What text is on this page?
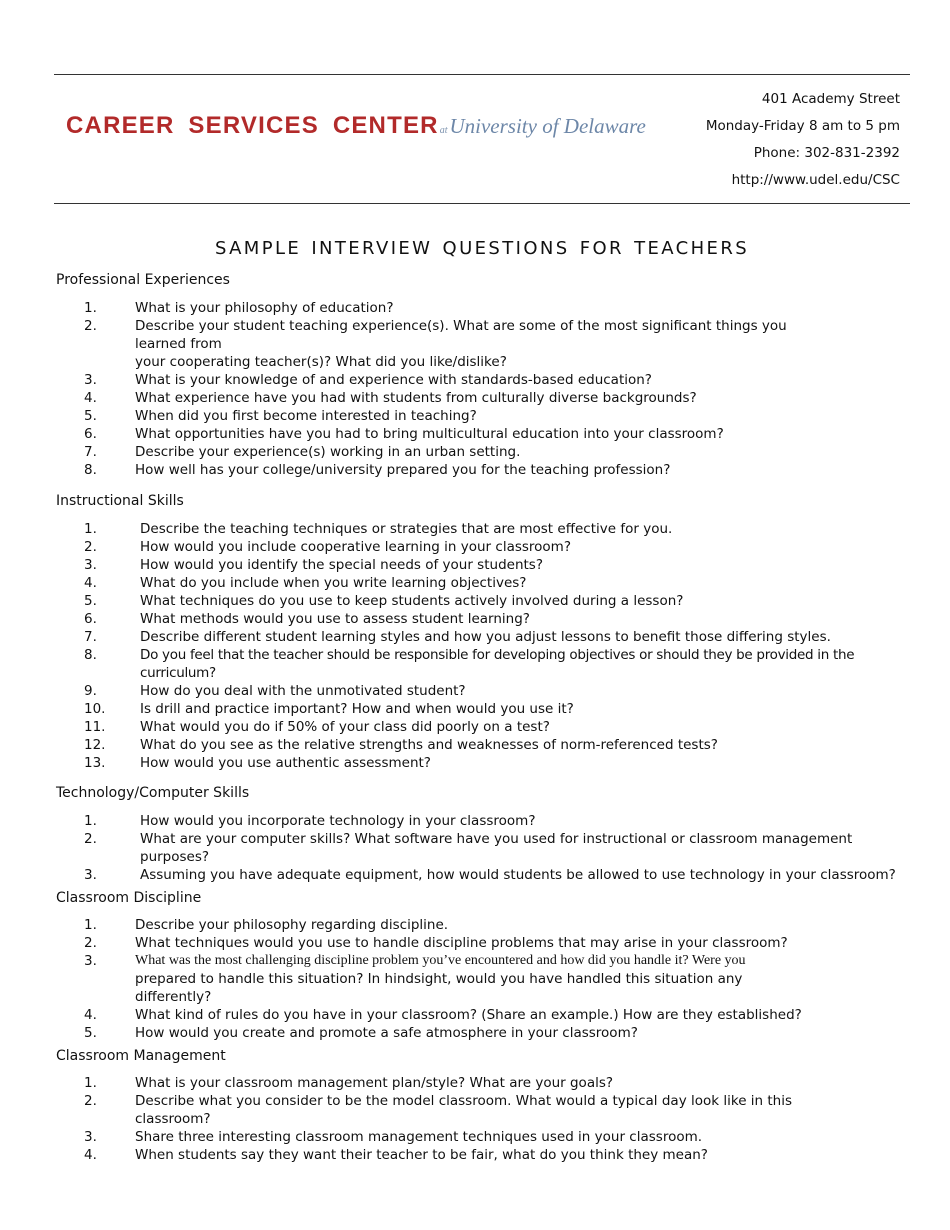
CAREER SERVICES CENTERatUniversity of Delaware
401 Academy Street
Monday-Friday 8 am to 5 pm
Phone: 302-831-2392
http://www.udel.edu/CSC
SAMPLE INTERVIEW QUESTIONS FOR TEACHERS
Professional Experiences
1.	What is your philosophy of education?
2.	Describe your student teaching experience(s). What are some of the most significant things you learned from
your cooperating teacher(s)? What did you like/dislike?
3.	What is your knowledge of and experience with standards-based education?
4.	What experience have you had with students from culturally diverse backgrounds?
5.	When did you first become interested in teaching?
6.	What opportunities have you had to bring multicultural education into your classroom?
7.	Describe your experience(s) working in an urban setting.
8.	How well has your college/university prepared you for the teaching profession?
Instructional Skills
1.	Describe the teaching techniques or strategies that are most effective for you.
2.	How would you include cooperative learning in your classroom?
3.	How would you identify the special needs of your students?
4.	What do you include when you write learning objectives?
5.	What techniques do you use to keep students actively involved during a lesson?
6.	What methods would you use to assess student learning?
7.	Describe different student learning styles and how you adjust lessons to benefit those differing styles.
8.	Do you feel that the teacher should be responsible for developing objectives or should they be provided in the curriculum?
9.	How do you deal with the unmotivated student?
10.	Is drill and practice important? How and when would you use it?
11.	What would you do if 50% of your class did poorly on a test?
12.	What do you see as the relative strengths and weaknesses of norm-referenced tests?
13.	How would you use authentic assessment?
Technology/Computer Skills
1.	How would you incorporate technology in your classroom?
2.	What are your computer skills? What software have you used for instructional or classroom management purposes?
3.	Assuming you have adequate equipment, how would students be allowed to use technology in your classroom?
Classroom Discipline
1.	Describe your philosophy regarding discipline.
2.	What techniques would you use to handle discipline problems that may arise in your classroom?
3.	What was the most challenging discipline problem you’ve encountered and how did you handle it? Were you
prepared to handle this situation? In hindsight, would you have handled this situation any differently?
4.	What kind of rules do you have in your classroom? (Share an example.) How are they established?
5.	How would you create and promote a safe atmosphere in your classroom?
Classroom Management
1.	What is your classroom management plan/style? What are your goals?
2.	Describe what you consider to be the model classroom. What would a typical day look like in this classroom?
3.	Share three interesting classroom management techniques used in your classroom.
4.	When students say they want their teacher to be fair, what do you think they mean?
